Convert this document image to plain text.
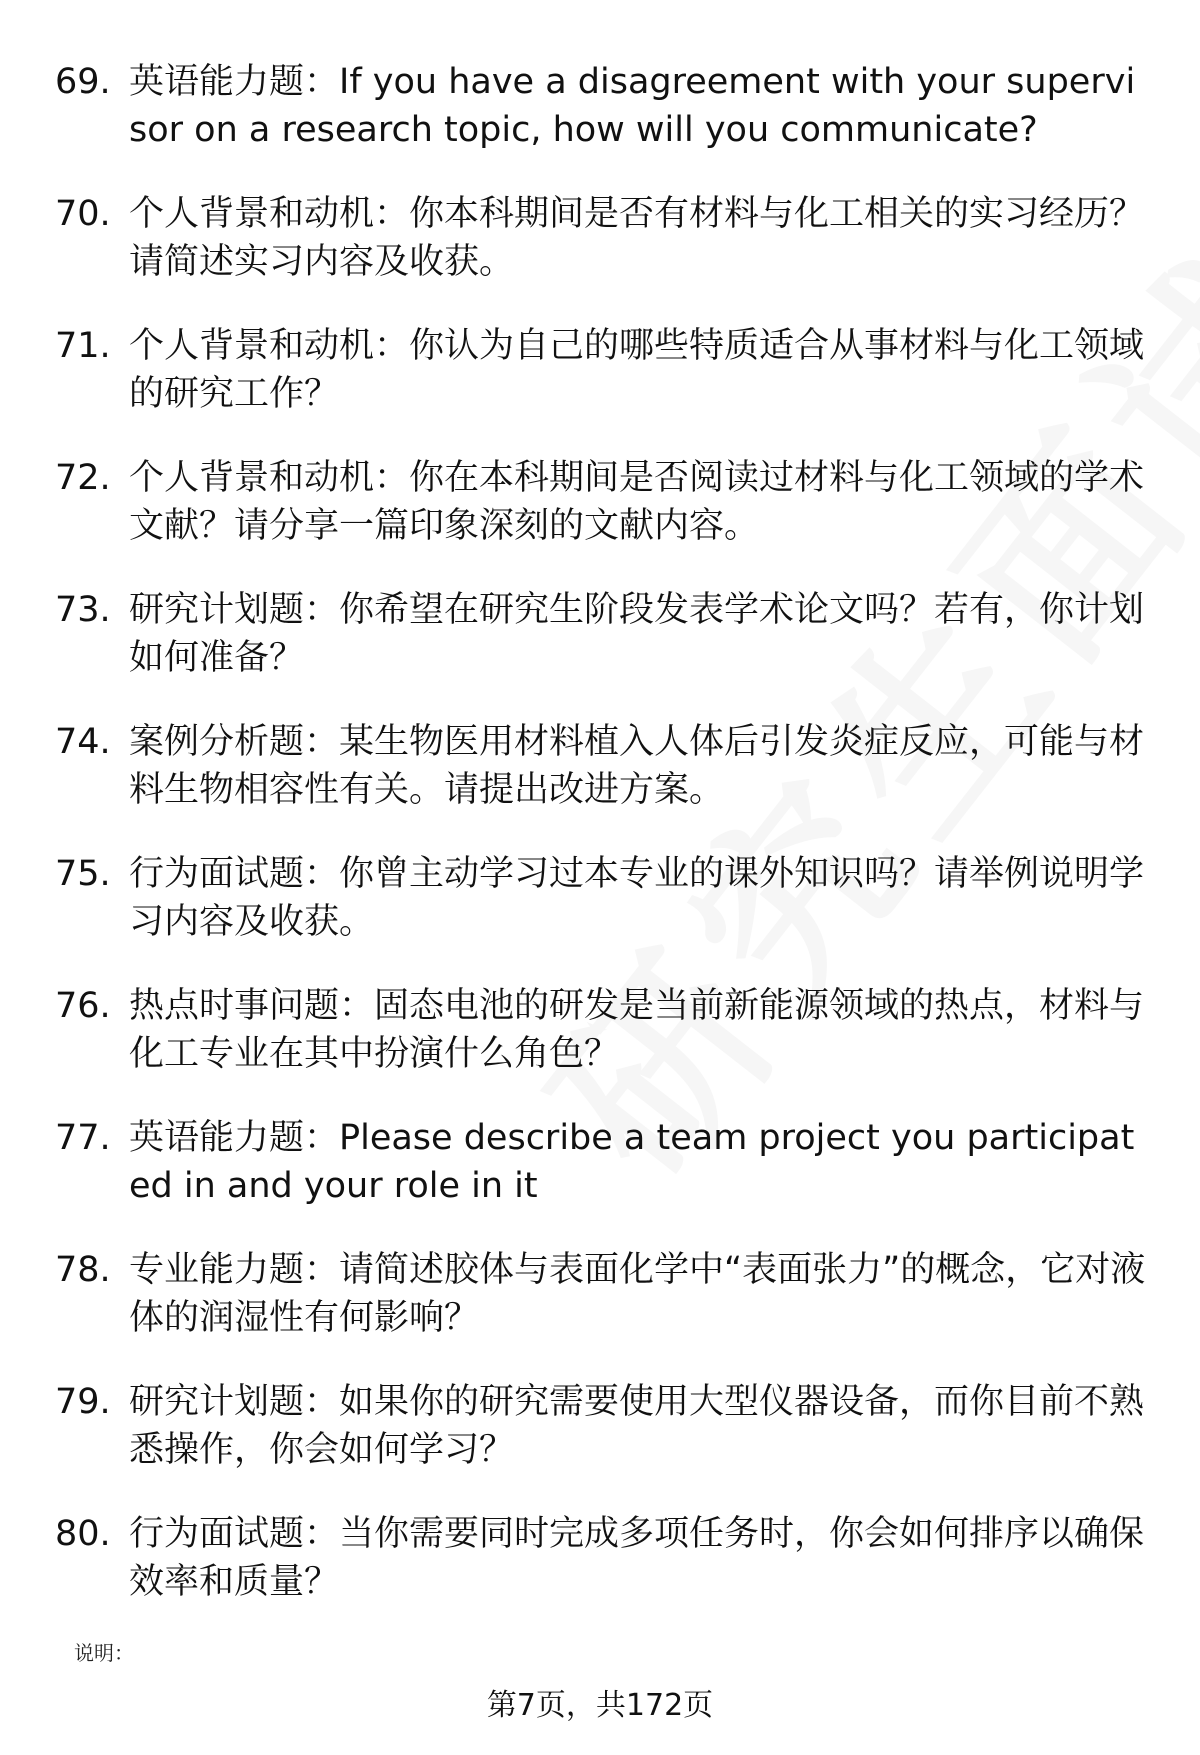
69. 英语能力题：If you have a disagreement with your supervisor on a research topic, how will you communicate?

70. 个人背景和动机：你本科期间是否有材料与化工相关的实习经历？请简述实习内容及收获。

71. 个人背景和动机：你认为自己的哪些特质适合从事材料与化工领域的研究工作？

72. 个人背景和动机：你在本科期间是否阅读过材料与化工领域的学术文献？请分享一篇印象深刻的文献内容。

73. 研究计划题：你希望在研究生阶段发表学术论文吗？若有，你计划如何准备？

74. 案例分析题：某生物医用材料植入人体后引发炎症反应，可能与材料生物相容性有关。请提出改进方案。

75. 行为面试题：你曾主动学习过本专业的课外知识吗？请举例说明学习内容及收获。

76. 热点时事问题：固态电池的研发是当前新能源领域的热点，材料与化工专业在其中扮演什么角色？

77. 英语能力题：Please describe a team project you participated in and your role in it

78. 专业能力题：请简述胶体与表面化学中“表面张力”的概念，它对液体的润湿性有何影响？

79. 研究计划题：如果你的研究需要使用大型仪器设备，而你目前不熟悉操作，你会如何学习？

80. 行为面试题：当你需要同时完成多项任务时，你会如何排序以确保效率和质量？

说明：
第7页，共172页
